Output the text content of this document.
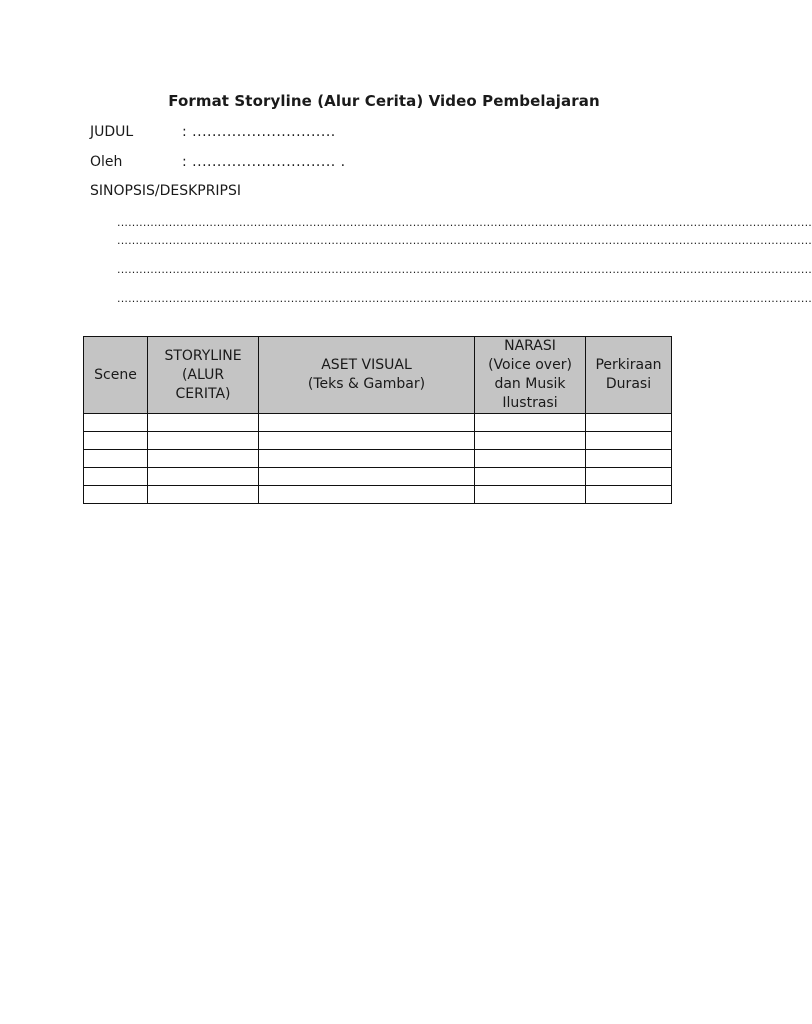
Format Storyline (Alur Cerita) Video Pembelajaran
JUDUL	: .............................
Oleh	: ............................. .
SINOPSIS/DESKPRIPSI
............................................................................................................................................................................................
............................................................................................................................................................................................
............................................................................................................................................................................................
............................................................................................................................................................................................
Scene	STORYLINE
(ALUR
CERITA)	ASET VISUAL
(Teks & Gambar)	NARASI
(Voice over)
dan Musik
Ilustrasi	Perkiraan
Durasi
